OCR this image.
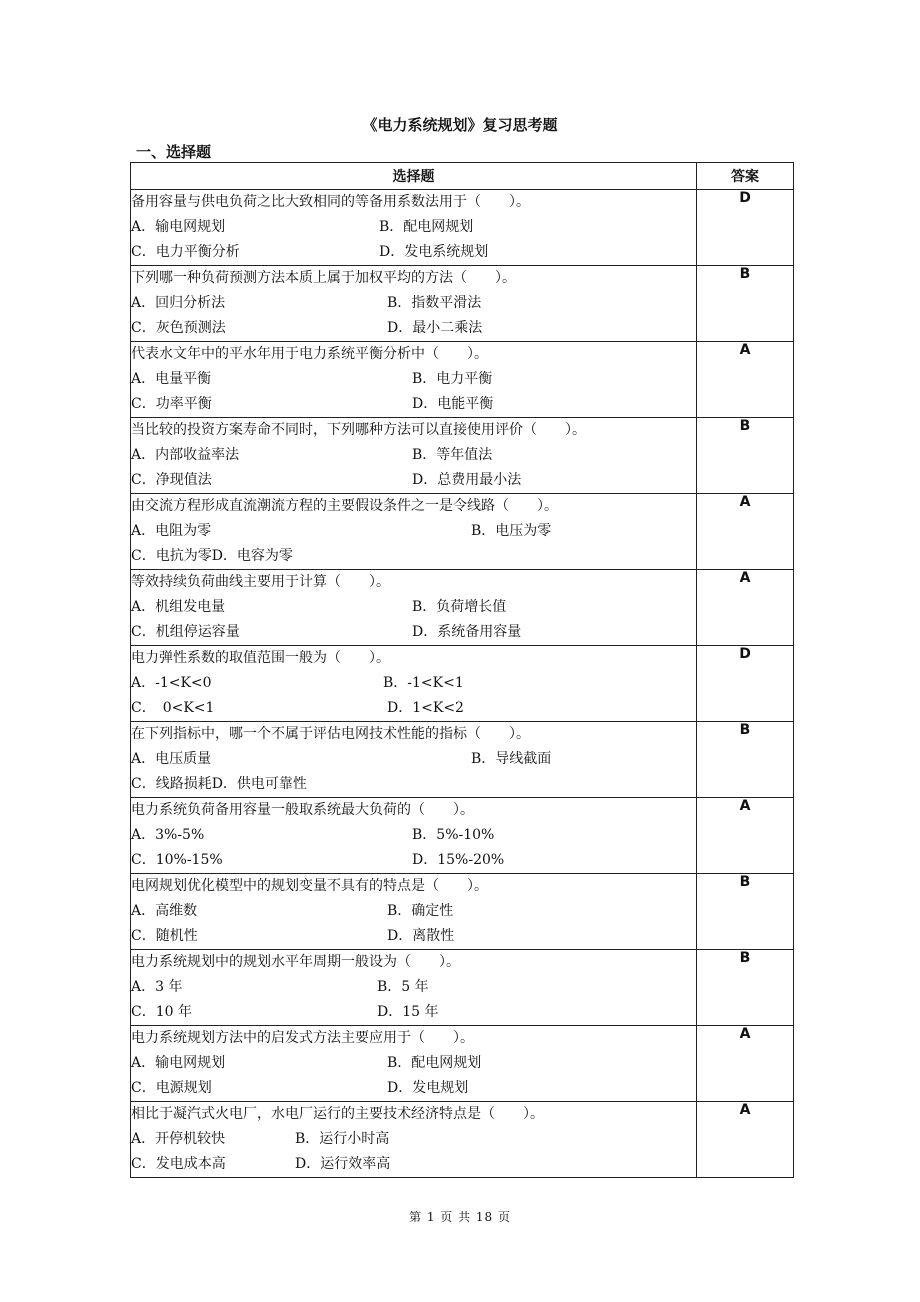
《电力系统规划》复习思考题
一、选择题
选择题	答案

备用容量与供电负荷之比大致相同的等备用系数法用于（　　）。
A．输电网规划 B．配电网规划
C．电力平衡分析 D．发电系统规划	D

下列哪一种负荷预测方法本质上属于加权平均的方法（　　）。
A．回归分析法 B．指数平滑法
C．灰色预测法 D．最小二乘法	B

代表水文年中的平水年用于电力系统平衡分析中（　　）。
A．电量平衡 B．电力平衡
C．功率平衡 D．电能平衡	A

当比较的投资方案寿命不同时，下列哪种方法可以直接使用评价（　　）。
A．内部收益率法 B．等年值法
C．净现值法 D．总费用最小法	B

由交流方程形成直流潮流方程的主要假设条件之一是令线路（　　）。
A．电阻为零 B．电压为零
C．电抗为零D．电容为零	A

等效持续负荷曲线主要用于计算（　　）。
A．机组发电量 B．负荷增长值
C．机组停运容量 D．系统备用容量	A

电力弹性系数的取值范围一般为（　　）。
A．-1<K<0 B．-1<K<1
C．　0<K<1 D．1<K<2	D

在下列指标中，哪一个不属于评估电网技术性能的指标（　　）。
A．电压质量 B．导线截面
C．线路损耗D．供电可靠性	B

电力系统负荷备用容量一般取系统最大负荷的（　　）。
A．3%-5% B．5%-10%
C．10%-15% D．15%-20%	A

电网规划优化模型中的规划变量不具有的特点是（　　）。
A．高维数 B．确定性
C．随机性 D．离散性	B

电力系统规划中的规划水平年周期一般设为（　　）。
A．3 年 B．5 年
C．10 年 D．15 年	B

电力系统规划方法中的启发式方法主要应用于（　　）。
A．输电网规划 B．配电网规划
C．电源规划 D．发电规划	A

相比于凝汽式火电厂，水电厂运行的主要技术经济特点是（　　）。
A．开停机较快 B．运行小时高
C．发电成本高 D．运行效率高	A
第 1 页 共 18 页
